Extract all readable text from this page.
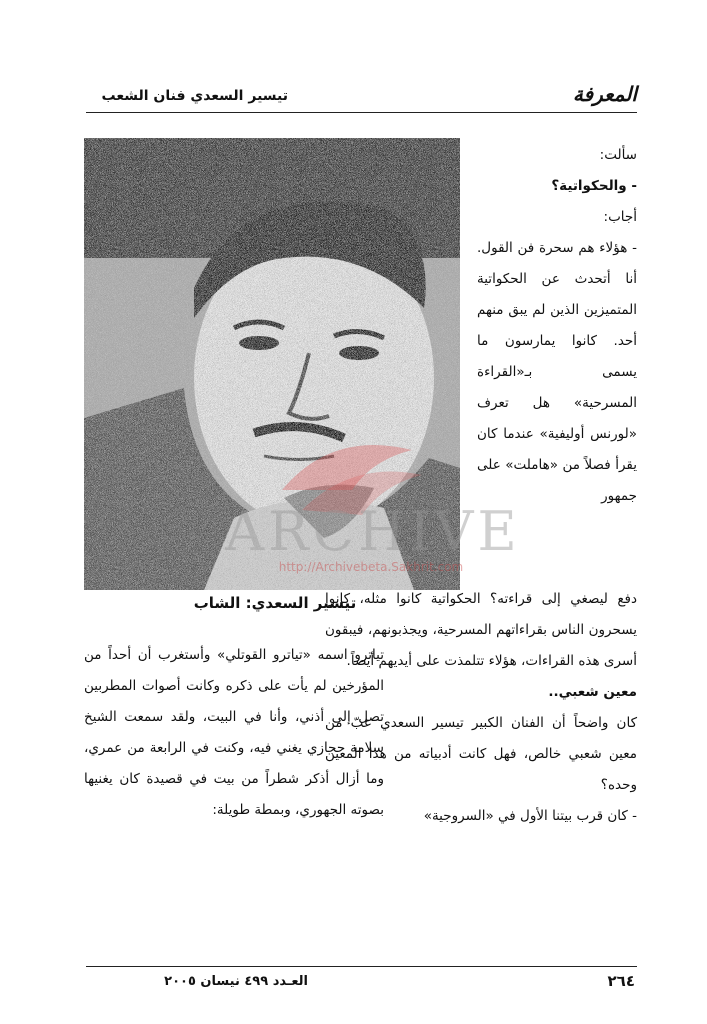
المعرفة
تيسير السعدي فنان الشعب
تيسير السعدي: الشاب

سألت:

- والحكواتية؟

أجاب:

- هؤلاء هم سحرة فن القول. أنا أتحدث عن الحكواتية المتميزين الذين لم يبق منهم أحد. كانوا يمارسون ما يسمى بـ«القراءة المسرحية» هل تعرف «لورنس أوليفية» عندما كان يقرأ فصلاً من «هاملت» على جمهور

دفع ليصغي إلى قراءته؟ الحكواتية كانوا مثله، كانوا يسحرون الناس بقراءاتهم المسرحية، ويجذبونهم، فيبقون أسرى هذه القراءات، هؤلاء تتلمذت على أيديهم أيضاً.

معين شعبي..

كان واضحاً أن الفنان الكبير تيسير السعدي عبّ من معين شعبي خالص، فهل كانت أدبياته من هذا المعين وحده؟

- كان قرب بيتنا الأول في «السروجية»

تياترو اسمه «تياترو القوتلي» وأستغرب أن أحداً من المؤرخين لم يأت على ذكره وكانت أصوات المطربين تصل إلى أذني، وأنا في البيت، ولقد سمعت الشيخ سلامة حجازي يغني فيه، وكنت في الرابعة من عمري، وما أزال أذكر شطراً من بيت في قصيدة كان يغنيها بصوته الجهوري، وبمطة طويلة:

ARCHIVE
http://Archivebeta.Sakhrit.com
العـدد ٤٩٩ نيسان ٢٠٠٥	٢٦٤
